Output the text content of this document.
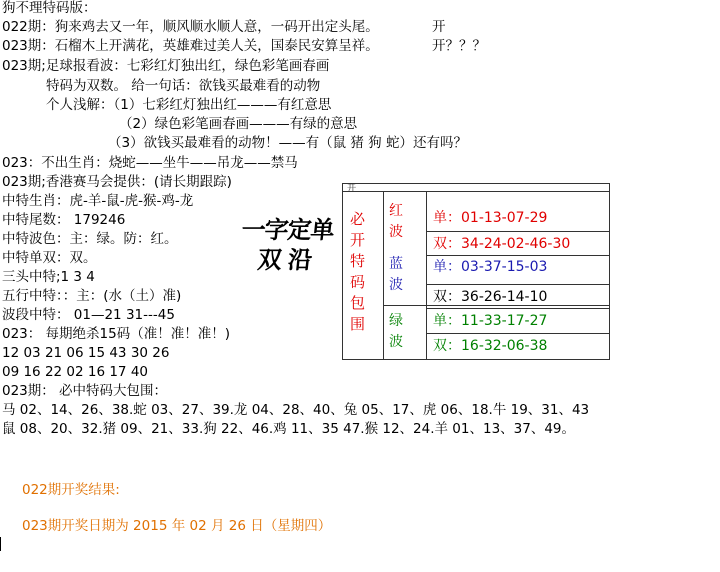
狗不理特码版：
022期：狗来鸡去又一年，顺风顺水顺人意，一码开出定头尾。	开
023期：石榴木上开满花，英雄难过美人关，国泰民安算呈祥。	开？？？
023期;足球报看波：七彩红灯独出红，绿色彩笔画春画
特码为双数。 给一句话：欲钱买最难看的动物
个人浅解：（1）七彩红灯独出红———有红意思
（2）绿色彩笔画春画———有绿的意思
（3）欲钱买最难看的动物！——有（鼠 猪 狗 蛇）还有吗？
023：不出生肖：烧蛇——坐牛——吊龙——禁马
023期;香港赛马会提供：(请长期跟踪)
中特生肖：虎-羊-鼠-虎-猴-鸡-龙
中特尾数： 179246
中特波色：主：绿。防：红。
中特单双：双。
三头中特;1 3 4
五行中特：：主：(水（土）准)
波段中特： 01—21 31---45
023： 每期绝杀15码（准！准！准！)
12 03 21 06 15 43 30 26
09 16 22 02 16 17 40
023期： 必中特码大包围：
马 02、14、26、38.蛇 03、27、39.龙 04、28、40、兔 05、17、虎 06、18.牛 19、31、43
鼠 08、20、32.猪 09、21、33.狗 22、46.鸡 11、35 47.猴 12、24.羊 01、13、37、49。
一字定单双 沿
开
必开特码包围
红波
蓝波
绿波
单：01-13-07-29
双：34-24-02-46-30
单：03-37-15-03
双：36-26-14-10
单：11-33-17-27
双：16-32-06-38
022期开奖结果:
023期开奖日期为 2015 年 02 月 26 日（星期四）
